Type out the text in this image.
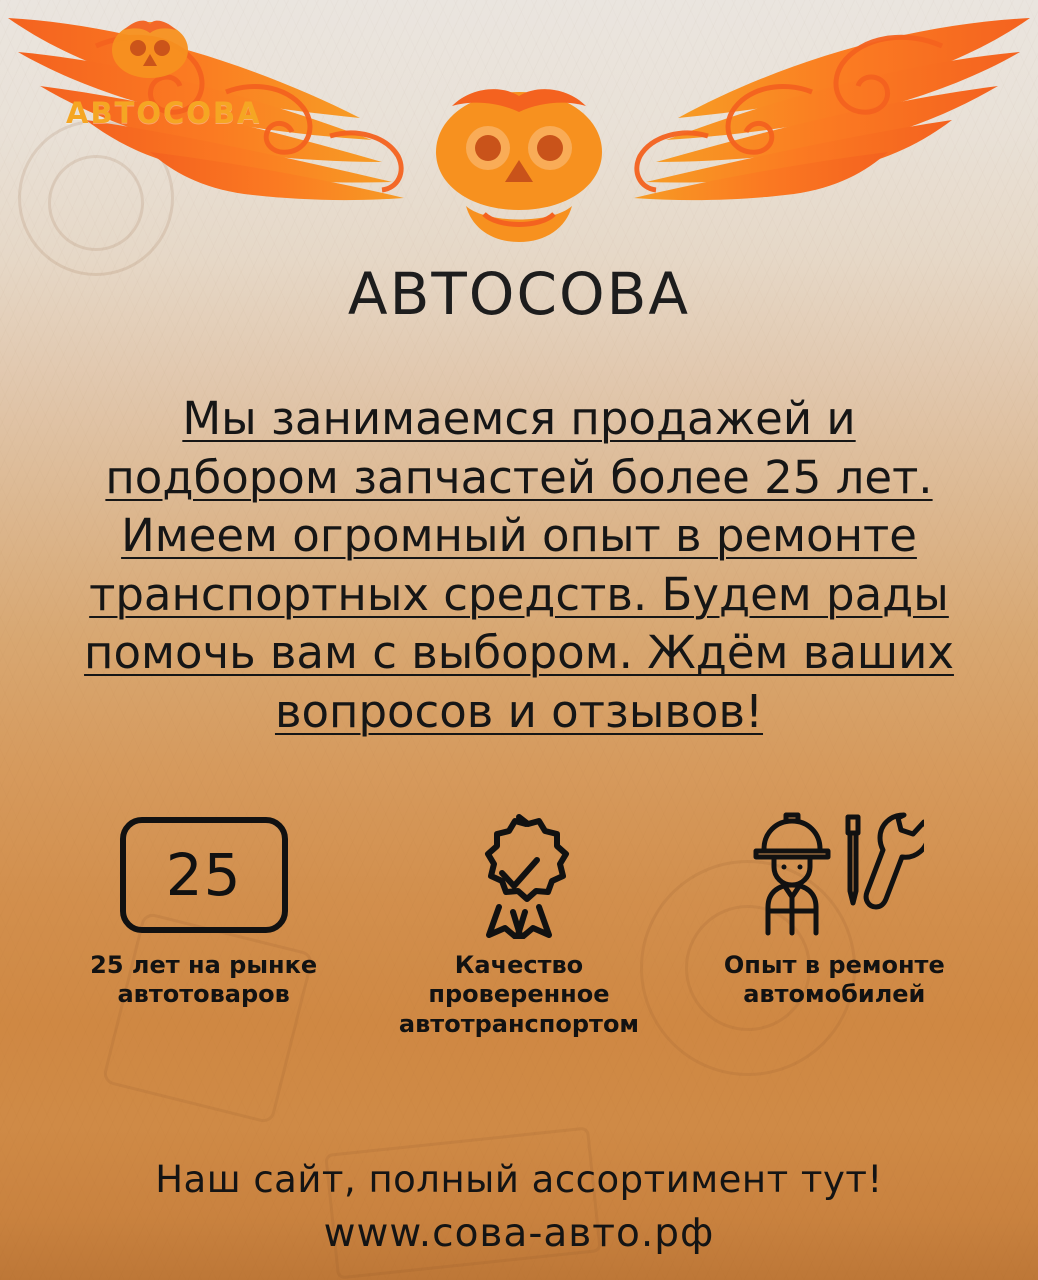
АВТОСОВА
АВТОСОВА
Мы занимаемся продажей и подбором запчастей более 25 лет. Имеем огромный опыт в ремонте транспортных средств. Будем рады помочь вам с выбором. Ждём ваших вопросов и отзывов!
25
25 лет на рынке автотоваров
Качество проверенное автотранспортом
Опыт в ремонте автомобилей
Наш сайт, полный ассортимент тут!
www.сова-авто.рф
